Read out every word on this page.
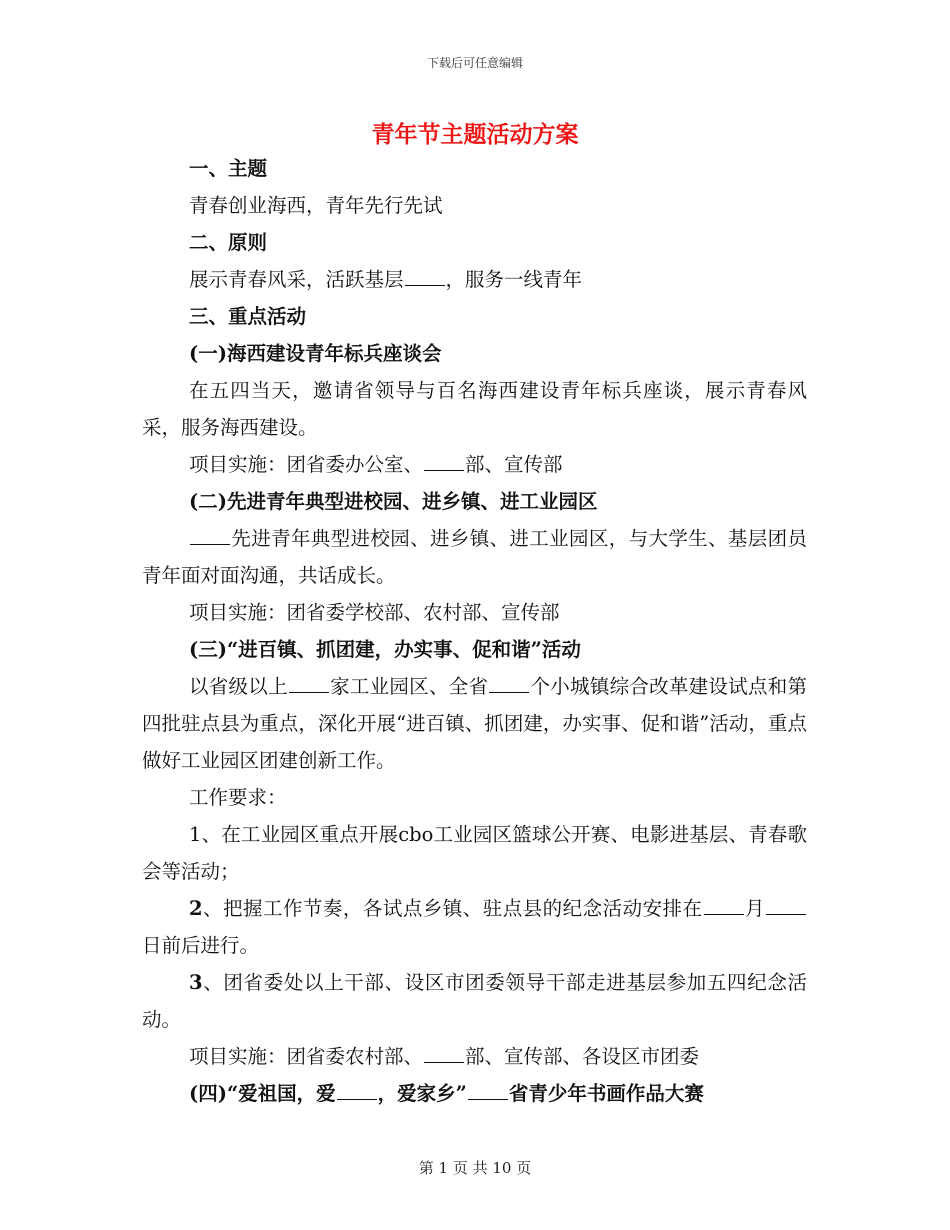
下载后可任意编辑
青年节主题活动方案

一、主题

青春创业海西，青年先行先试

二、原则

展示青春风采，活跃基层 ，服务一线青年

三、重点活动

(一)海西建设青年标兵座谈会

在五四当天，邀请省领导与百名海西建设青年标兵座谈，展示青春风采，服务海西建设。

项目实施：团省委办公室、 部、宣传部

(二)先进青年典型进校园、进乡镇、进工业园区

先进青年典型进校园、进乡镇、进工业园区，与大学生、基层团员青年面对面沟通，共话成长。

项目实施：团省委学校部、农村部、宣传部

(三)“进百镇、抓团建，办实事、促和谐”活动

以省级以上 家工业园区、全省 个小城镇综合改革建设试点和第四批驻点县为重点，深化开展“进百镇、抓团建，办实事、促和谐”活动，重点做好工业园区团建创新工作。

工作要求：

1、在工业园区重点开展cbo工业园区篮球公开赛、电影进基层、青春歌会等活动；

2、把握工作节奏，各试点乡镇、驻点县的纪念活动安排在 月日前后进行。

3、团省委处以上干部、设区市团委领导干部走进基层参加五四纪念活动。

项目实施：团省委农村部、 部、宣传部、各设区市团委

(四)“爱祖国，爱 ，爱家乡” 省青少年书画作品大赛

第 1 页 共 10 页
